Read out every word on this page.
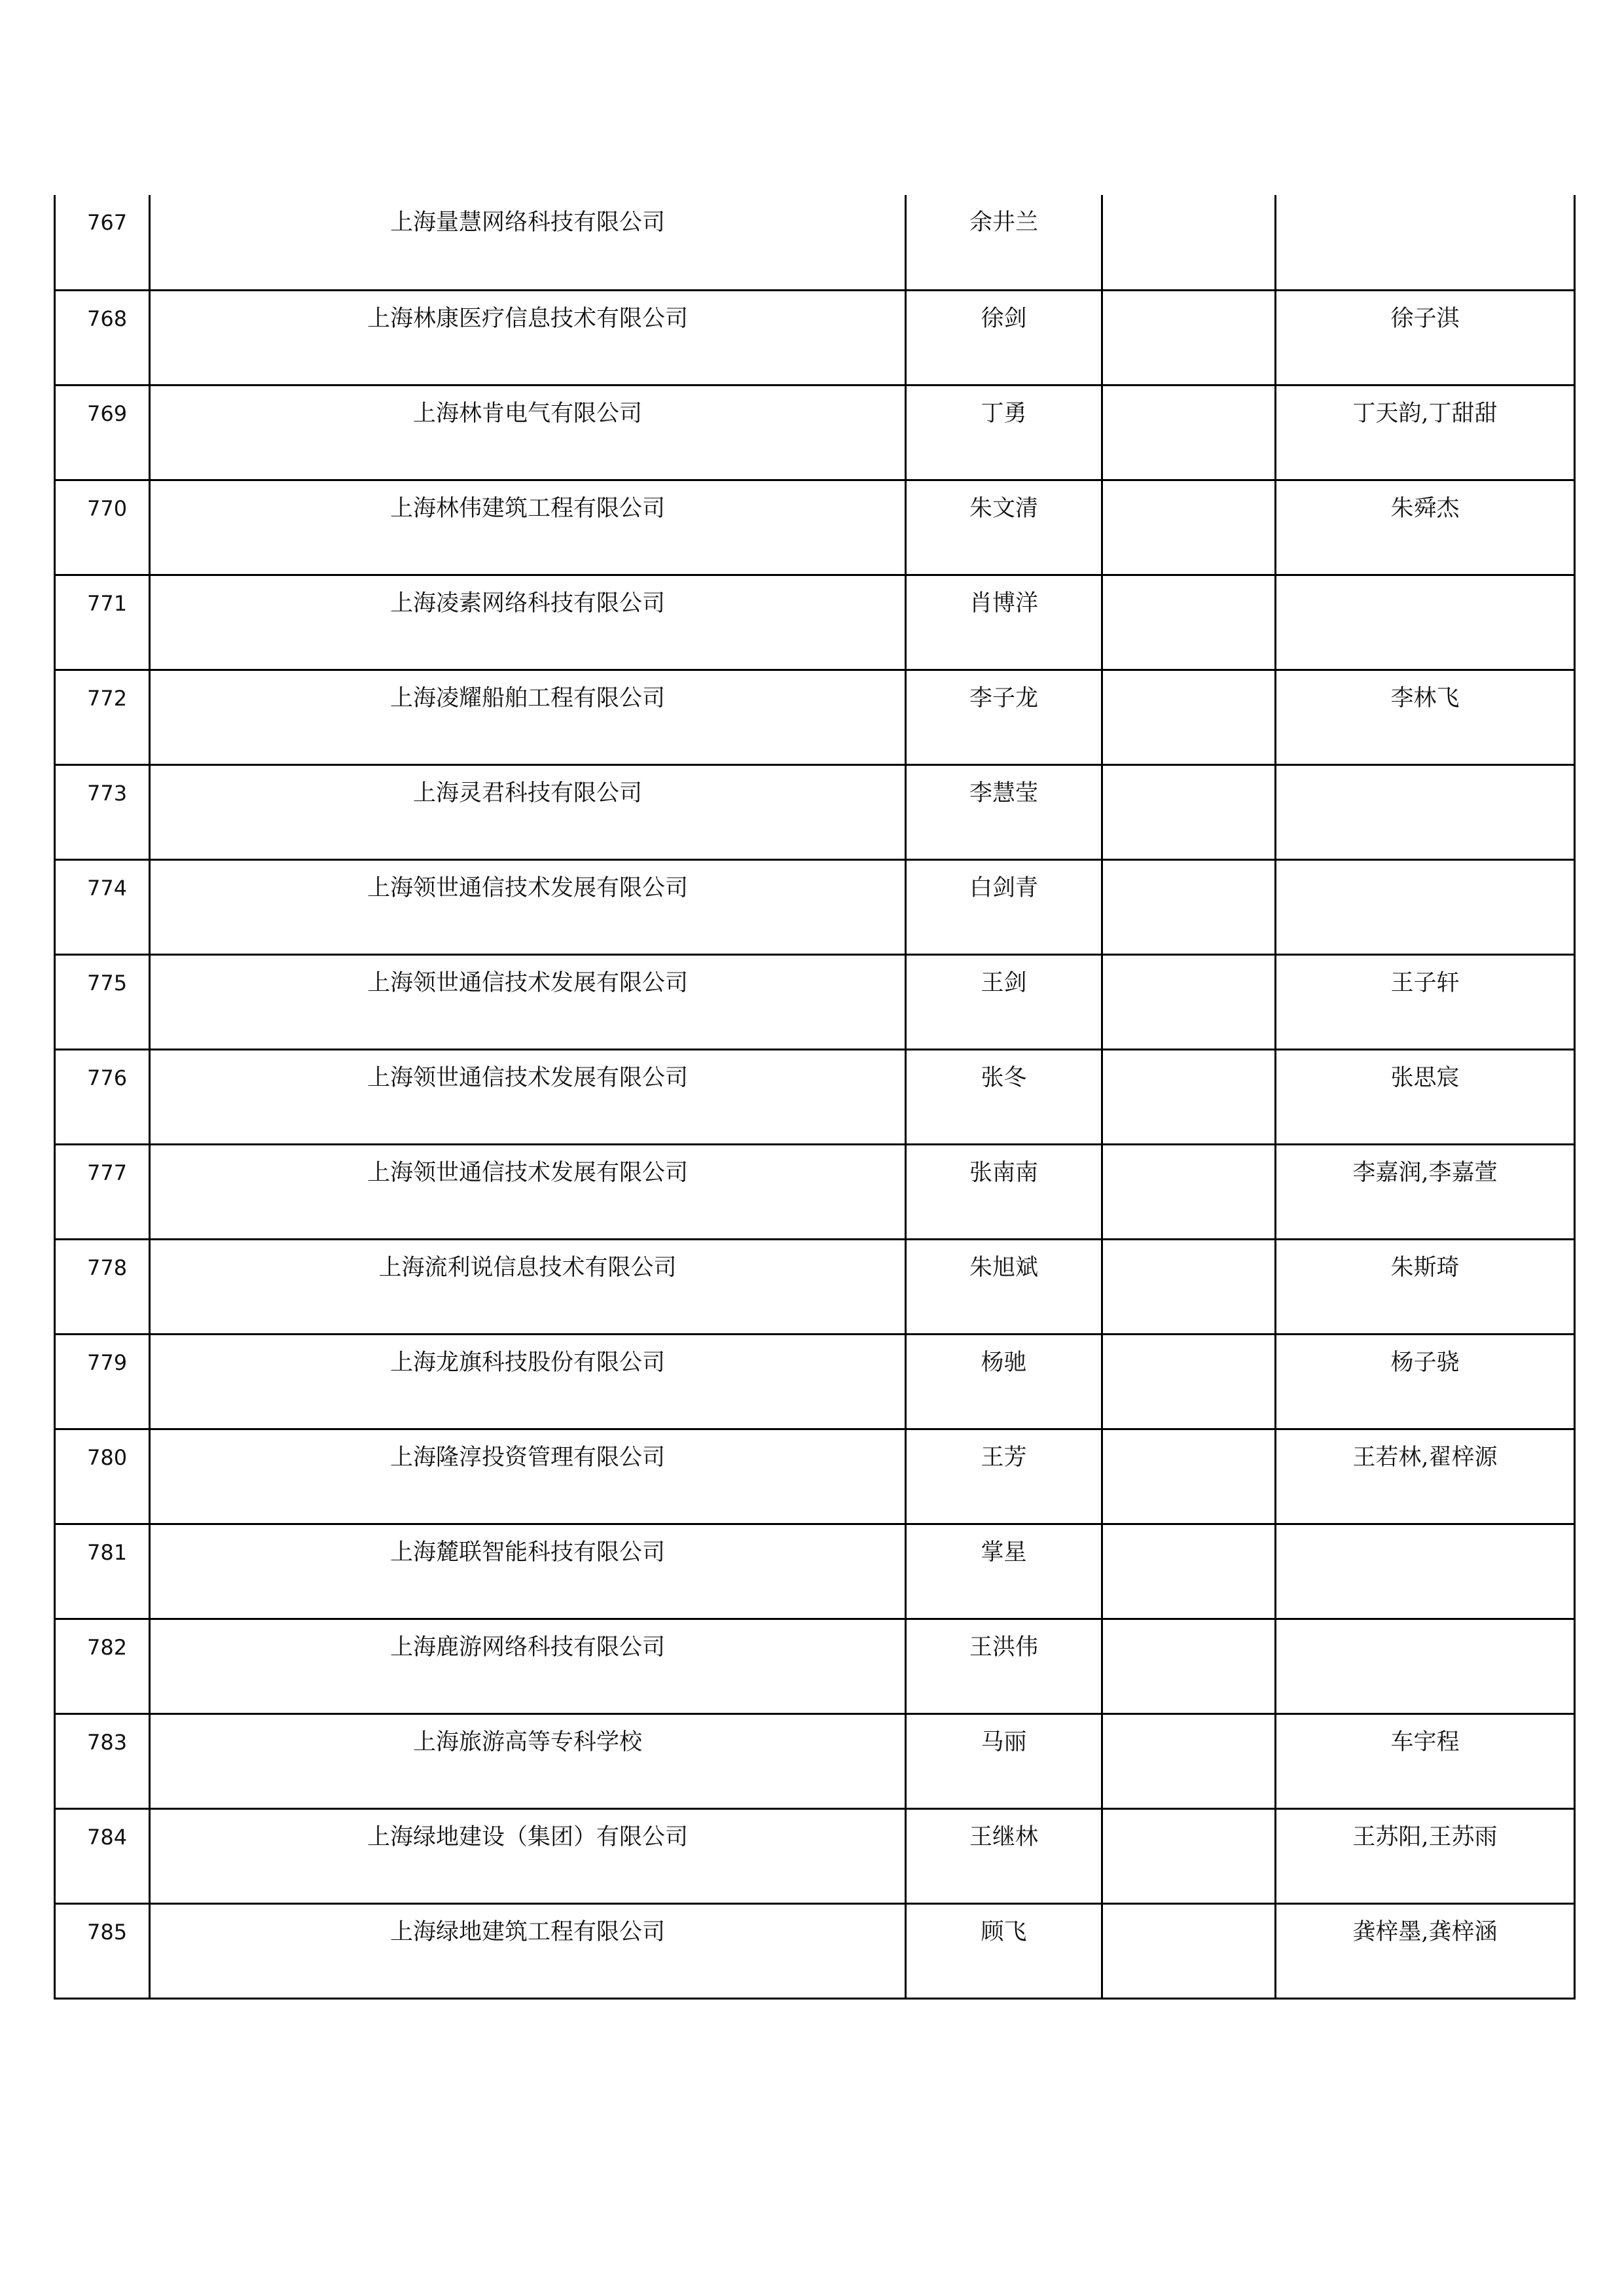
767	上海量慧网络科技有限公司	余井兰		
768	上海林康医疗信息技术有限公司	徐剑		徐子淇
769	上海林肯电气有限公司	丁勇		丁天韵,丁甜甜
770	上海林伟建筑工程有限公司	朱文清		朱舜杰
771	上海凌素网络科技有限公司	肖博洋		
772	上海凌耀船舶工程有限公司	李子龙		李林飞
773	上海灵君科技有限公司	李慧莹		
774	上海领世通信技术发展有限公司	白剑青		
775	上海领世通信技术发展有限公司	王剑		王子轩
776	上海领世通信技术发展有限公司	张冬		张思宸
777	上海领世通信技术发展有限公司	张南南		李嘉润,李嘉萱
778	上海流利说信息技术有限公司	朱旭斌		朱斯琦
779	上海龙旗科技股份有限公司	杨驰		杨子骁
780	上海隆淳投资管理有限公司	王芳		王若林,翟梓源
781	上海麓联智能科技有限公司	掌星		
782	上海鹿游网络科技有限公司	王洪伟		
783	上海旅游高等专科学校	马丽		车宇程
784	上海绿地建设（集团）有限公司	王继林		王苏阳,王苏雨
785	上海绿地建筑工程有限公司	顾飞		龚梓墨,龚梓涵
